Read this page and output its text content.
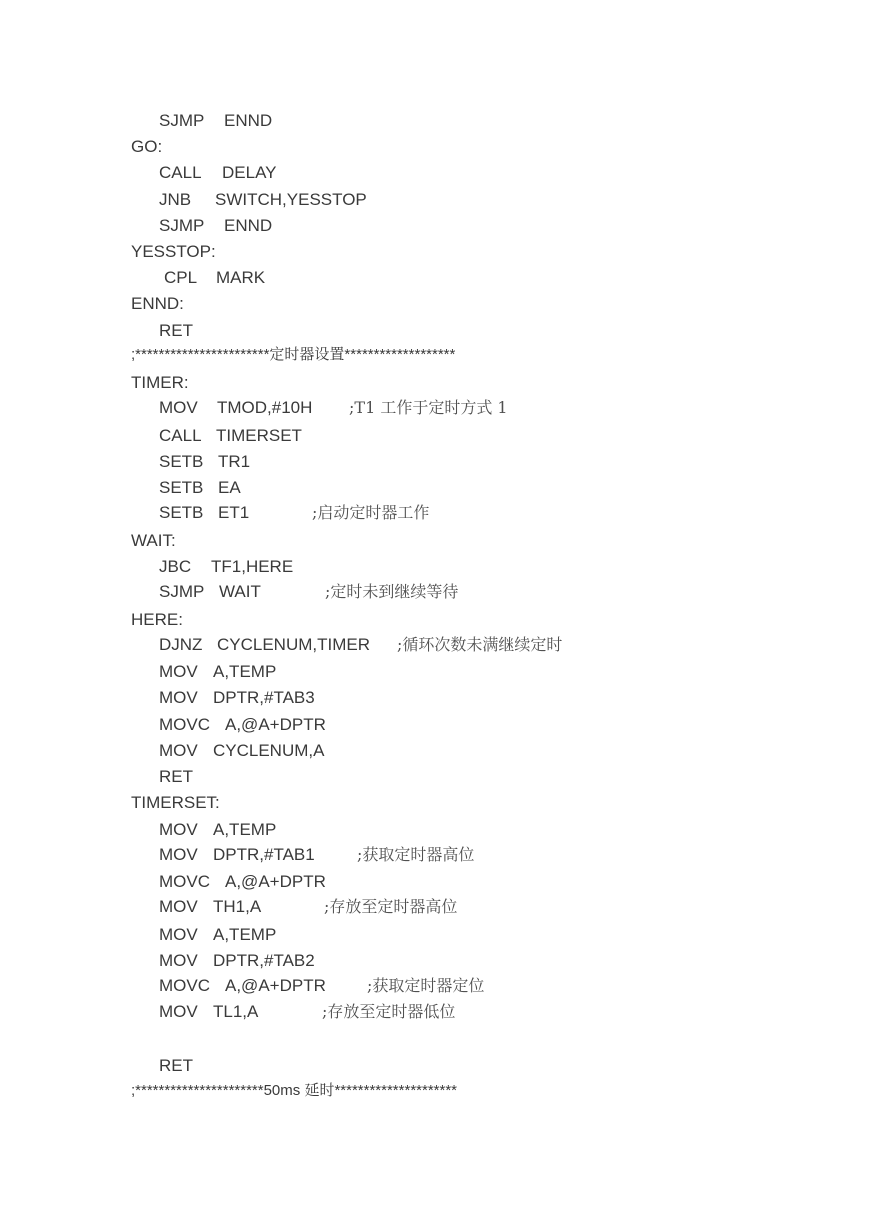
SJMP

ENND

GO:

CALL

DELAY

JNB

SWITCH,YESSTOP

SJMP

ENND

YESSTOP:

CPL

MARK

ENND:

RET

;***********************定时器设置*******************

TIMER:

MOV

TMOD,#10H

;T1 工作于定时方式 1

CALL

TIMERSET

SETB

TR1

SETB

EA

SETB

ET1

	;启动定时器工作

WAIT:

JBC

TF1,HERE

SJMP

WAIT

	;定时未到继续等待

HERE:

DJNZ

CYCLENUM,TIMER

;循环次数未满继续定时

MOV

A,TEMP

MOV

DPTR,#TAB3

MOVC

A,@A+DPTR

MOV

CYCLENUM,A

RET

TIMERSET:

MOV

A,TEMP

MOV

DPTR,#TAB1

	;获取定时器高位

MOVC

A,@A+DPTR

MOV

TH1,A

	;存放至定时器高位

MOV

A,TEMP

MOV

DPTR,#TAB2

MOVC

A,@A+DPTR

	;获取定时器定位

MOV

TL1,A

	;存放至定时器低位

RET

;**********************50ms 延时*********************
